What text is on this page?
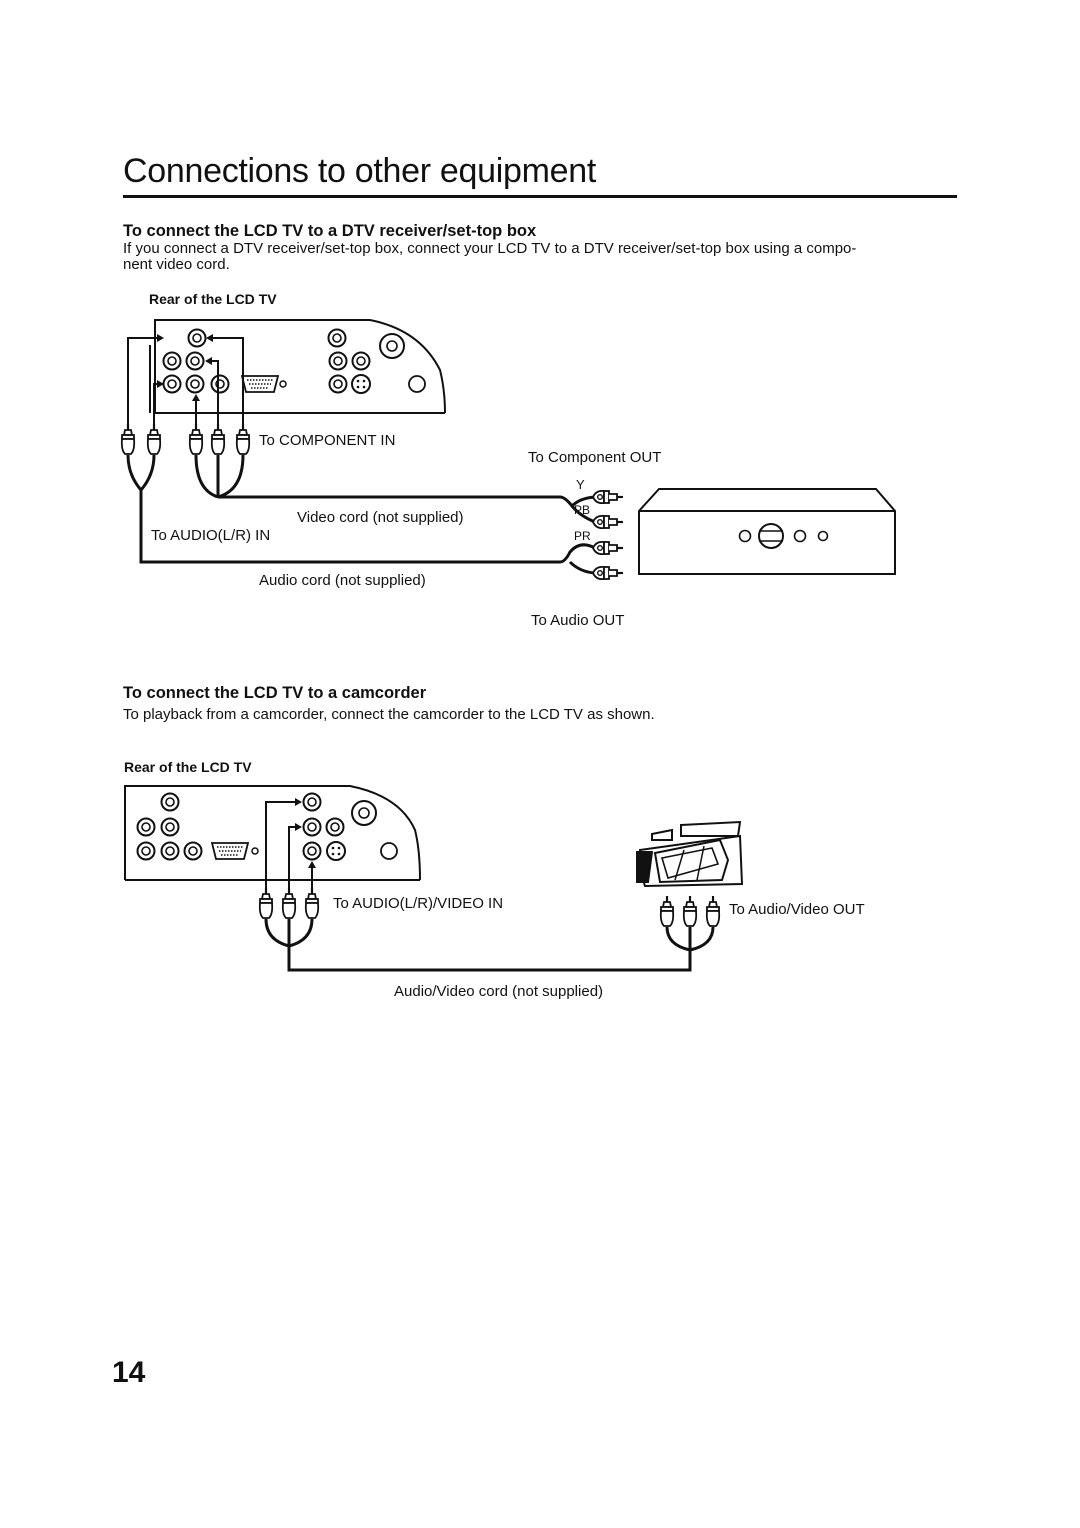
Connections to other equipment
To connect the LCD TV to a DTV receiver/set-top box

If you connect a DTV receiver/set-top box, connect your LCD TV to a DTV receiver/set-top box using a compo-

nent video cord.

Rear of the LCD TV
To connect the LCD TV to a camcorder

To playback from a camcorder, connect the camcorder to the LCD TV as shown.

Rear of the LCD TV
14
To COMPONENT IN
To Component OUT
Y
PB
PR
Video cord (not supplied)
To AUDIO(L/R) IN
Audio cord (not supplied)
To Audio OUT
To AUDIO(L/R)/VIDEO IN	To Audio/Video OUT
Audio/Video cord (not supplied)
